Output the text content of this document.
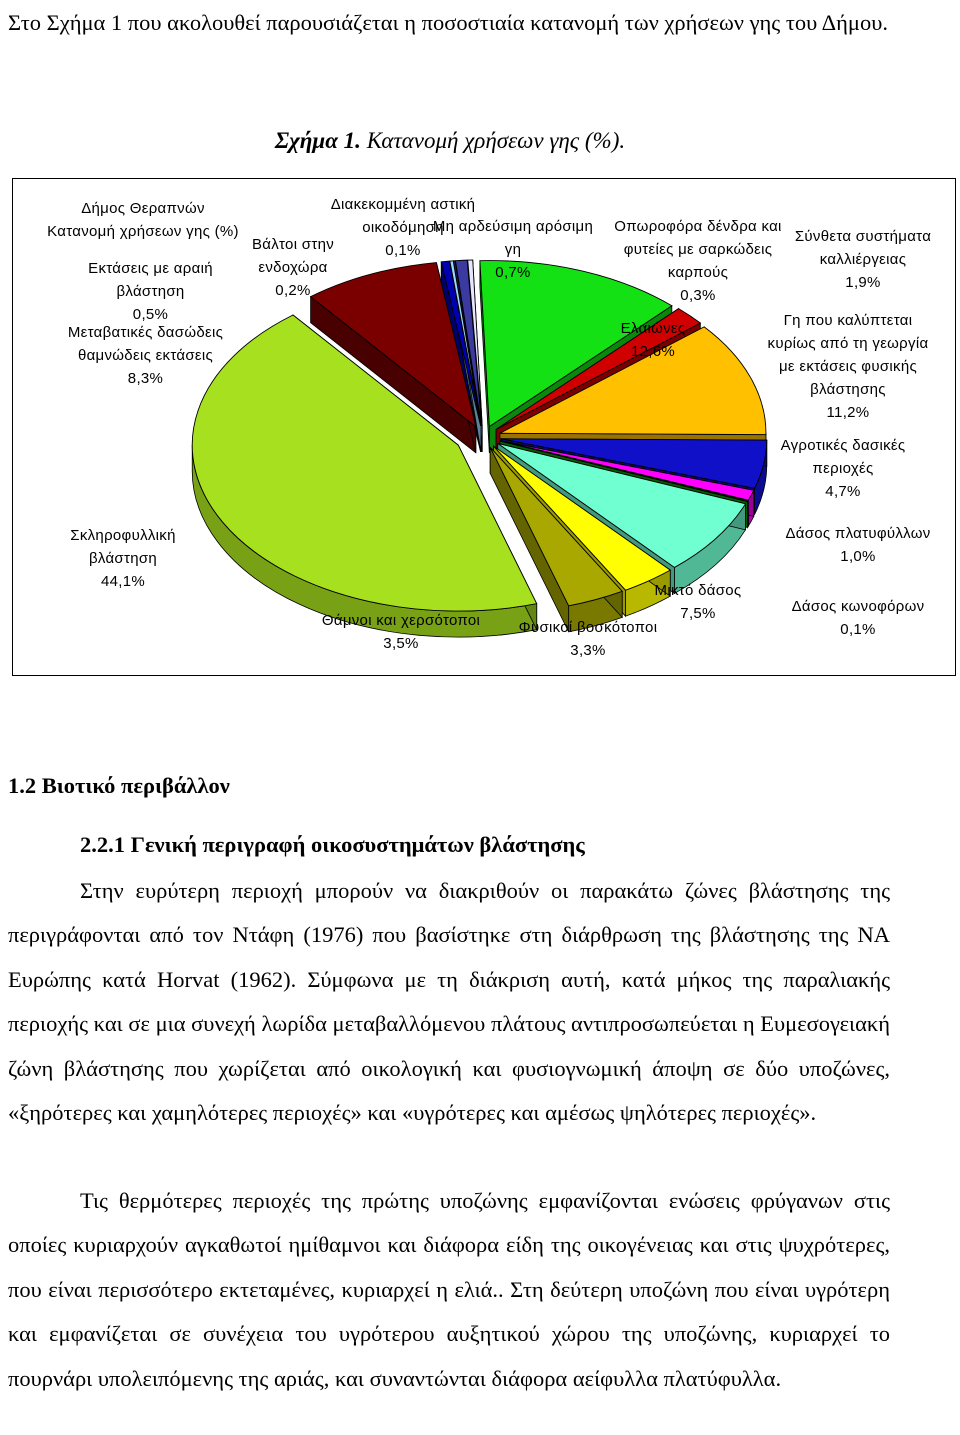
Στο Σχήμα 1 που ακολουθεί παρουσιάζεται η ποσοστιαία κατανομή των χρήσεων γης του Δήμου.
Σχήμα 1. Κατανομή χρήσεων γης (%).
Δήμος Θεραπνών
Κατανομή χρήσεων γης (%)
Διακεκομμένη αστική
οικοδόμηση
0,1%
Μη αρδεύσιμη αρόσιμη
γη
0,7%
Οπωροφόρα δένδρα και
φυτείες με σαρκώδεις
καρπούς
0,3%
Ελαιώνες
12,6%
Σύνθετα συστήματα
καλλιέργειας
1,9%
Γη που καλύπτεται
κυρίως από τη γεωργία
με εκτάσεις φυσικής
βλάστησης
11,2%
Αγροτικές δασικές
περιοχές
4,7%
Δάσος πλατυφύλλων
1,0%
Δάσος κωνοφόρων
0,1%
Μικτό δάσος
7,5%
Φυσικοί βοσκότοποι
3,3%
Θάμνοι και χερσότοποι
3,5%
Σκληροφυλλική
βλάστηση
44,1%
Μεταβατικές δασώδεις
θαμνώδεις εκτάσεις
8,3%
Εκτάσεις με αραιή
βλάστηση
0,5%
Βάλτοι στην
ενδοχώρα
0,2%
1.2 Βιοτικό περιβάλλον
2.2.1 Γενική περιγραφή οικοσυστημάτων βλάστησης
Στην ευρύτερη περιοχή μπορούν να διακριθούν οι παρακάτω ζώνες βλάστησης της περιγράφονται από τον Ντάφη (1976) που βασίστηκε στη διάρθρωση της βλάστησης της ΝΑ Ευρώπης κατά Horvat (1962). Σύμφωνα με τη διάκριση αυτή, κατά μήκος της παραλιακής περιοχής και σε μια συνεχή λωρίδα μεταβαλλόμενου πλάτους αντιπροσωπεύεται η Ευμεσογειακή ζώνη βλάστησης που χωρίζεται από οικολογική και φυσιογνωμική άποψη σε δύο υποζώνες, «ξηρότερες και χαμηλότερες περιοχές» και «υγρότερες και αμέσως ψηλότερες περιοχές».
Τις θερμότερες περιοχές της πρώτης υποζώνης εμφανίζονται ενώσεις φρύγανων στις οποίες κυριαρχούν αγκαθωτοί ημίθαμνοι και διάφορα είδη της οικογένειας και στις ψυχρότερες, που είναι περισσότερο εκτεταμένες, κυριαρχεί η ελιά.. Στη δεύτερη υποζώνη που είναι υγρότερη και εμφανίζεται σε συνέχεια του υγρότερου αυξητικού χώρου της υποζώνης, κυριαρχεί το πουρνάρι υπολειπόμενης της αριάς, και συναντώνται διάφορα αείφυλλα πλατύφυλλα.
